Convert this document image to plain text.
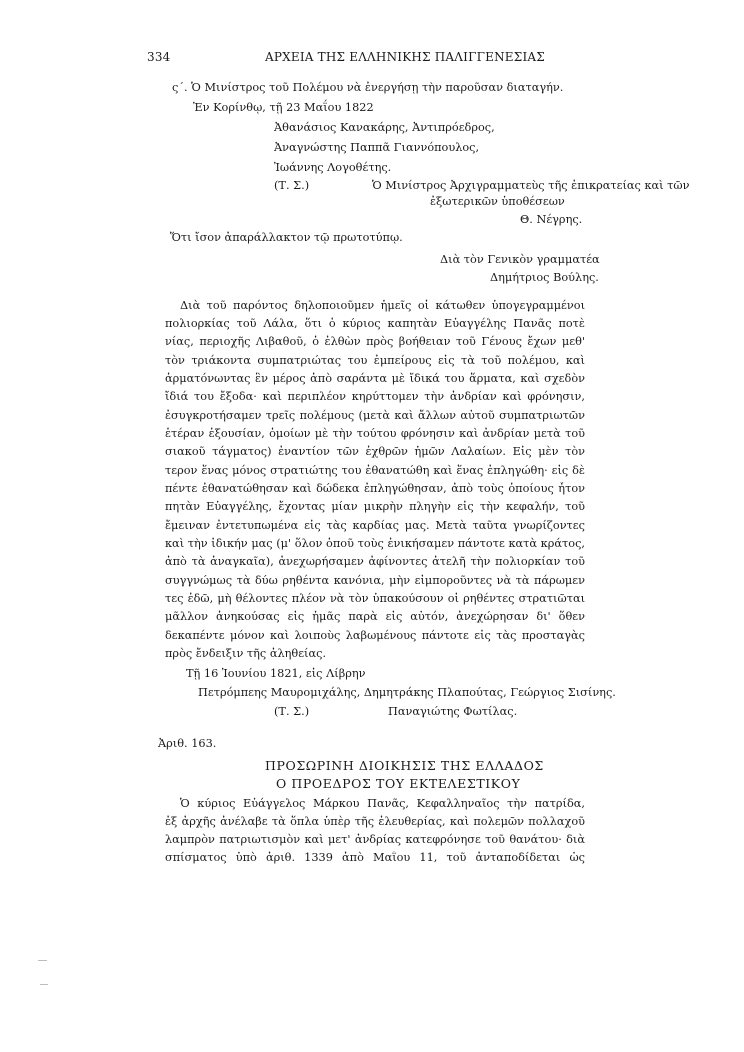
334	ΑΡΧΕΙΑ ΤΗΣ ΕΛΛΗΝΙΚΗΣ ΠΑΛΙΓΓΕΝΕΣΙΑΣ
ς΄. Ὁ Μινίστρος τοῦ Πολέμου νὰ ἐνεργήσῃ τὴν παροῦσαν διαταγήν.
Ἐν Κορίνθῳ, τῇ 23 Μαΐου 1822
Ἀθανάσιος Κανακάρης, Ἀντιπρόεδρος,
Ἀναγνώστης Παππᾶ Γιαννόπουλος,
Ἰωάννης Λογοθέτης.
(Τ. Σ.)	Ὁ Μινίστρος Ἀρχιγραμματεὺς τῆς ἐπικρατείας καὶ τῶν
ἐξωτερικῶν ὑποθέσεων
Θ. Νέγρης.
Ὅτι ἴσον ἀπαράλλακτον τῷ πρωτοτύπῳ.
Διὰ τὸν Γενικὸν γραμματέα
Δημήτριος Βούλης.
Διὰ τοῦ παρόντος δηλοποιοῦμεν ἡμεῖς οἱ κάτωθεν ὑπογεγραμμένοι
πολιορκίας τοῦ Λάλα, ὅτι ὁ κύριος καπητὰν Εὐαγγέλης Πανᾶς ποτὲ
νίας, περιοχῆς Λιβαθοῦ, ὁ ἐλθὼν πρὸς βοήθειαν τοῦ Γένους ἔχων μεθ'
τὸν τριάκοντα συμπατριώτας του ἐμπείρους εἰς τὰ τοῦ πολέμου, καὶ
ἁρματόνωντας ἓν μέρος ἀπὸ σαράντα μὲ ἴδικά του ἅρματα, καὶ σχεδὸν
ἴδιά του ἔξοδα· καὶ περιπλέον κηρύττομεν τὴν ἀνδρίαν καὶ φρόνησιν,
ἐσυγκροτήσαμεν τρεῖς πολέμους (μετὰ καὶ ἄλλων αὐτοῦ συμπατριωτῶν
ἑτέραν ἐξουσίαν, ὁμοίων μὲ τὴν τούτου φρόνησιν καὶ ἀνδρίαν μετὰ τοῦ
σιακοῦ τάγματος) ἐναντίον τῶν ἐχθρῶν ἡμῶν Λαλαίων. Εἰς μὲν τὸν
τερον ἕνας μόνος στρατιώτης του ἐθανατώθη καὶ ἕνας ἐπληγώθη· εἰς δὲ
πέντε ἐθανατώθησαν καὶ δώδεκα ἐπληγώθησαν, ἀπὸ τοὺς ὁποίους ἦτον
πητὰν Εὐαγγέλης, ἔχοντας μίαν μικρὴν πληγὴν εἰς τὴν κεφαλήν, τοῦ
ἔμειναν ἐντετυπωμένα εἰς τὰς καρδίας μας. Μετὰ ταῦτα γνωρίζοντες
καὶ τὴν ἰδικήν μας (μ' ὅλον ὁποῦ τοὺς ἐνικήσαμεν πάντοτε κατὰ κράτος,
ἀπὸ τὰ ἀναγκαῖα), ἀνεχωρήσαμεν ἀφίνοντες ἀτελῆ τὴν πολιορκίαν τοῦ
συγγνώμως τὰ δύω ρηθέντα κανόνια, μὴν εἰμποροῦντες νὰ τὰ πάρωμεν
τες ἐδῶ, μὴ θέλοντες πλέον νὰ τὸν ὑπακούσουν οἱ ρηθέντες στρατιῶται
μᾶλλον ἀνηκούσας εἰς ἡμᾶς παρὰ εἰς αὐτόν, ἀνεχώρησαν δι' ὅθεν
δεκαπέντε μόνον καὶ λοιποὺς λαβωμένους πάντοτε εἰς τὰς προσταγὰς
πρὸς ἔνδειξιν τῆς ἀληθείας.
Τῇ 16 Ἰουνίου 1821, εἰς Λίβρην
Πετρόμπεης Μαυρομιχάλης, Δημητράκης Πλαπούτας, Γεώργιος Σισίνης.
(Τ. Σ.)	Παναγιώτης Φωτίλας.
Ἀριθ. 163.
ΠΡΟΣΩΡΙΝΗ ΔΙΟΙΚΗΣΙΣ ΤΗΣ ΕΛΛΑΔΟΣ
Ο ΠΡΟΕΔΡΟΣ ΤΟΥ ΕΚΤΕΛΕΣΤΙΚΟΥ
Ὁ κύριος Εὐάγγελος Μάρκου Πανᾶς, Κεφαλληναῖος τὴν πατρίδα,
ἐξ ἀρχῆς ἀνέλαβε τὰ ὅπλα ὑπὲρ τῆς ἐλευθερίας, καὶ πολεμῶν πολλαχοῦ
λαμπρὸν πατριωτισμὸν καὶ μετ' ἀνδρίας κατεφρόνησε τοῦ θανάτου· διὰ
σπίσματος ὑπὸ ἀριθ. 1339 ἀπὸ Μαΐου 11, τοῦ ἀνταποδίδεται ὡς
